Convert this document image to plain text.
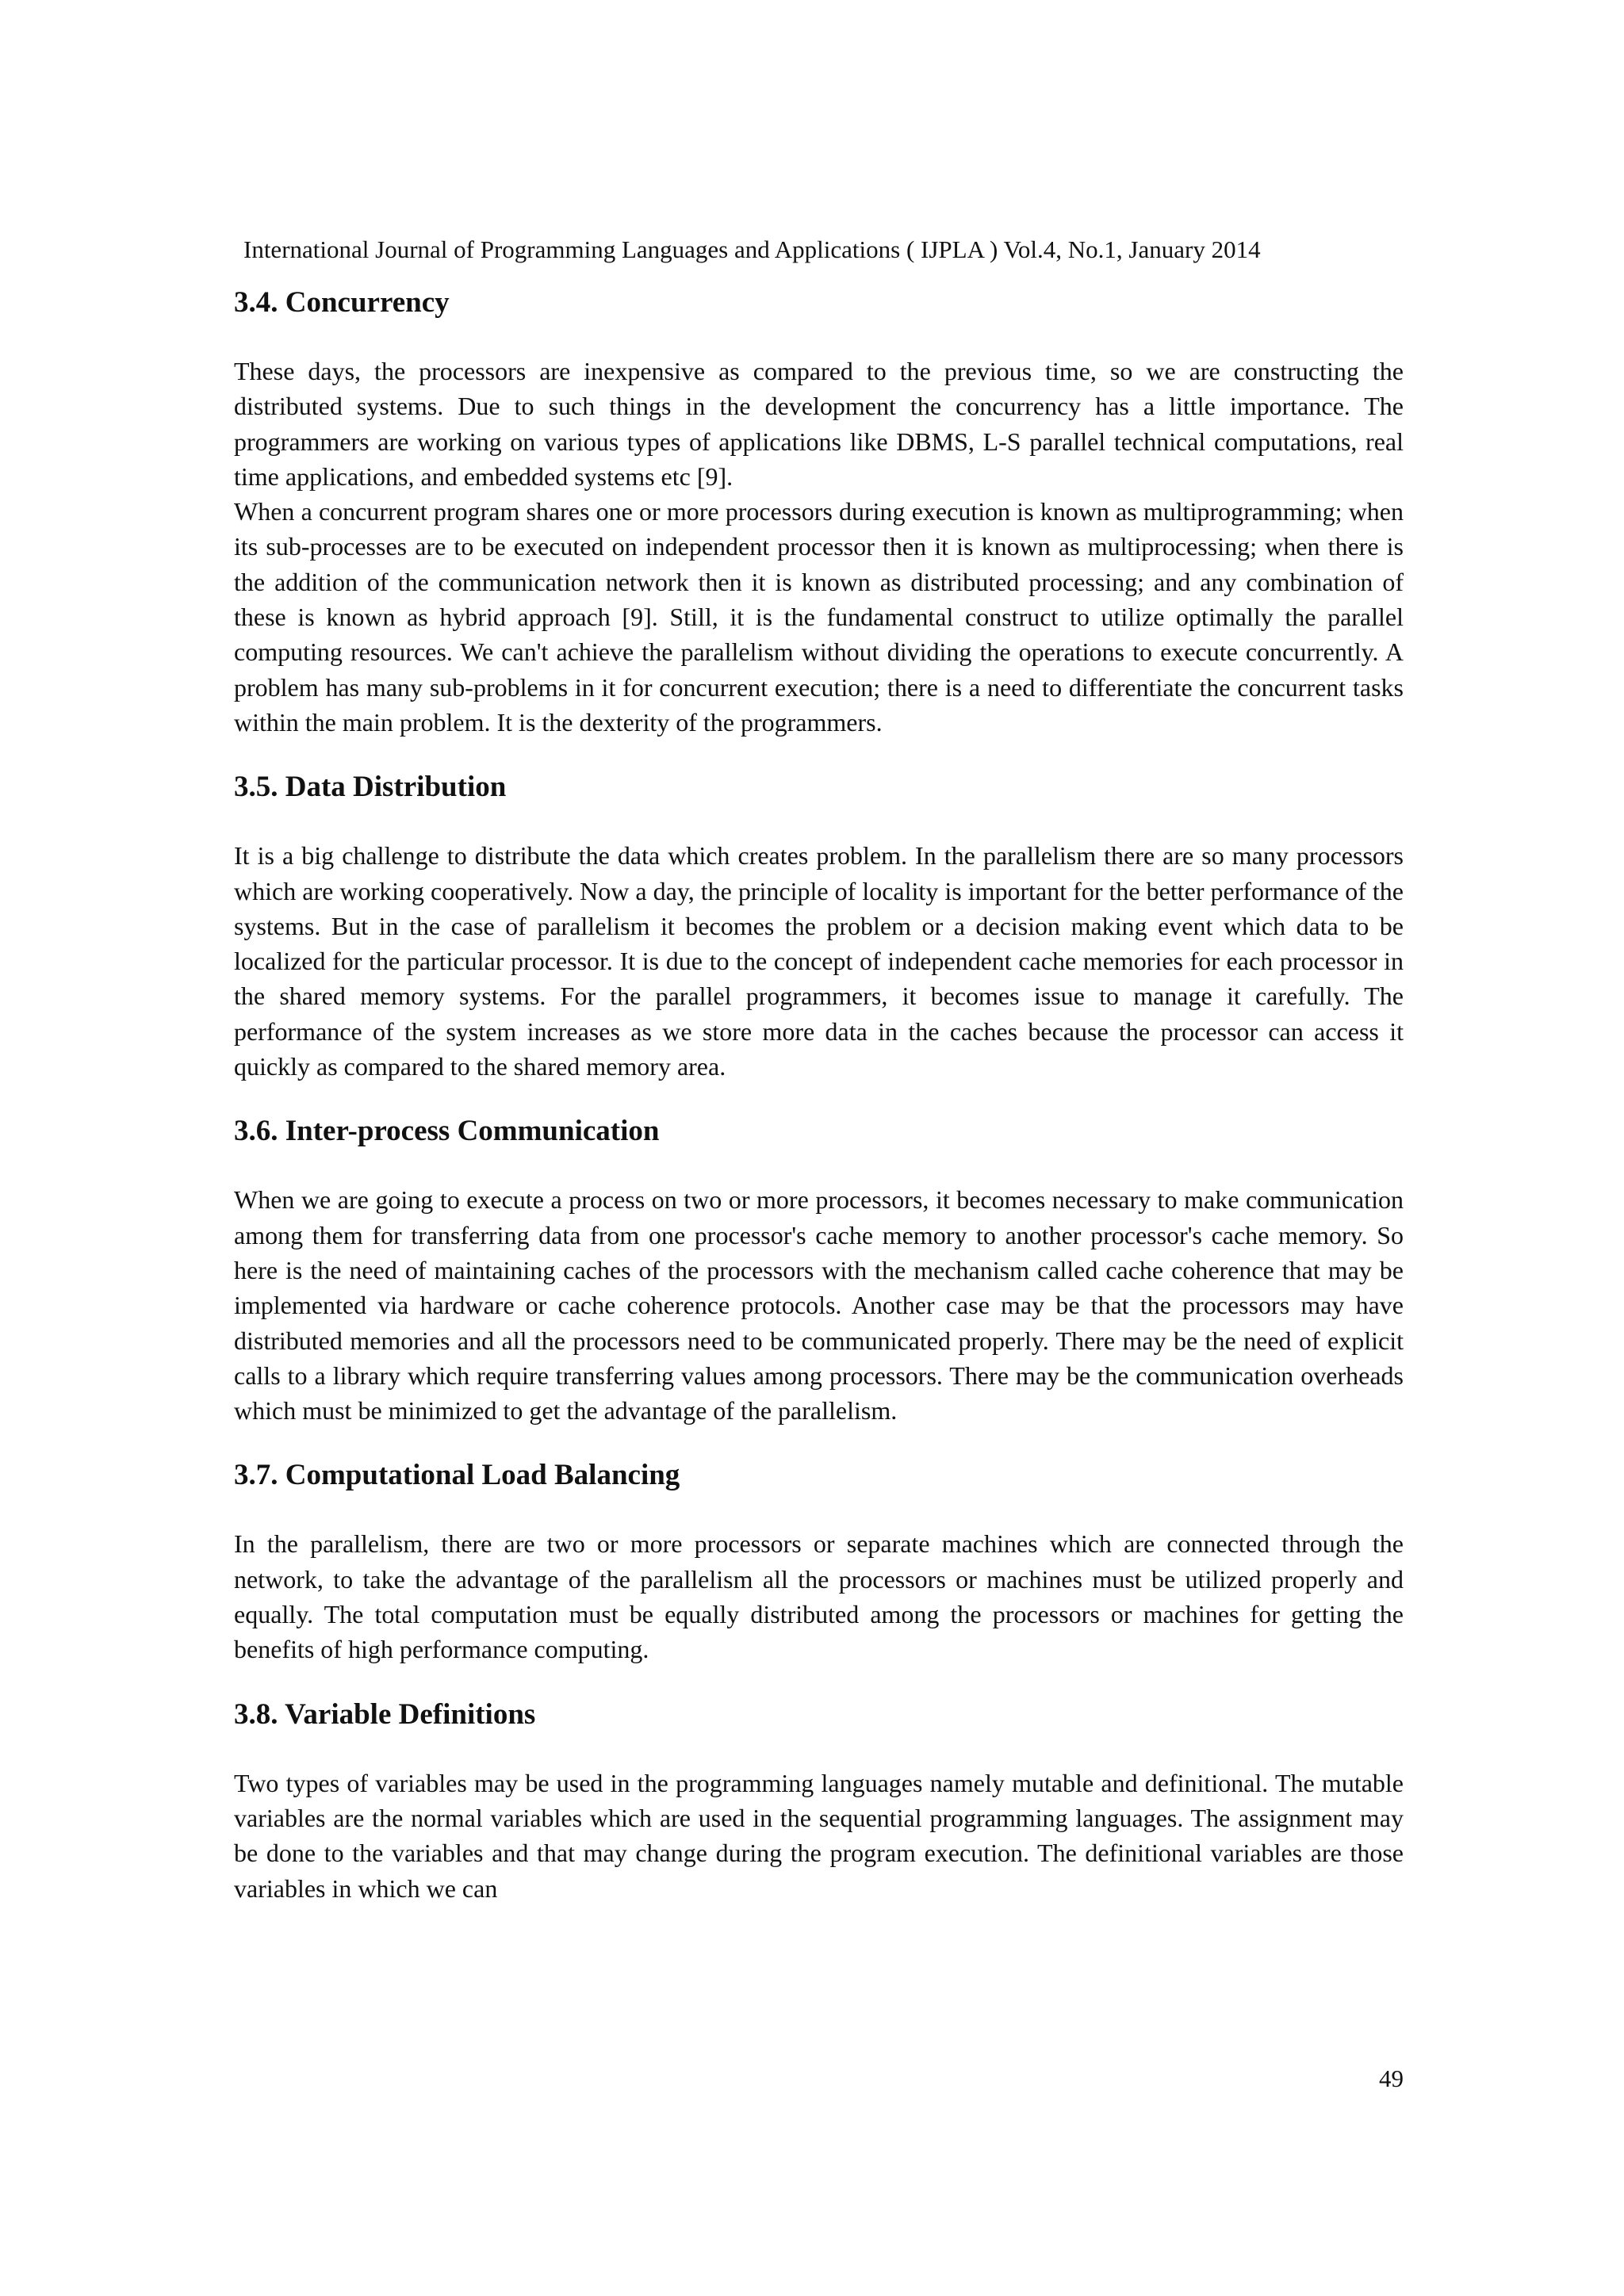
International Journal of Programming Languages and Applications ( IJPLA ) Vol.4, No.1, January 2014
3.4. Concurrency

These days, the processors are inexpensive as compared to the previous time, so we are constructing the distributed systems. Due to such things in the development the concurrency has a little importance. The programmers are working on various types of applications like DBMS, L-S parallel technical computations, real time applications, and embedded systems etc [9].

When a concurrent program shares one or more processors during execution is known as multiprogramming; when its sub-processes are to be executed on independent processor then it is known as multiprocessing; when there is the addition of the communication network then it is known as distributed processing; and any combination of these is known as hybrid approach [9]. Still, it is the fundamental construct to utilize optimally the parallel computing resources. We can't achieve the parallelism without dividing the operations to execute concurrently. A problem has many sub-problems in it for concurrent execution; there is a need to differentiate the concurrent tasks within the main problem. It is the dexterity of the programmers.

3.5. Data Distribution

It is a big challenge to distribute the data which creates problem. In the parallelism there are so many processors which are working cooperatively. Now a day, the principle of locality is important for the better performance of the systems. But in the case of parallelism it becomes the problem or a decision making event which data to be localized for the particular processor. It is due to the concept of independent cache memories for each processor in the shared memory systems. For the parallel programmers, it becomes issue to manage it carefully. The performance of the system increases as we store more data in the caches because the processor can access it quickly as compared to the shared memory area.

3.6. Inter-process Communication

When we are going to execute a process on two or more processors, it becomes necessary to make communication among them for transferring data from one processor's cache memory to another processor's cache memory. So here is the need of maintaining caches of the processors with the mechanism called cache coherence that may be implemented via hardware or cache coherence protocols. Another case may be that the processors may have distributed memories and all the processors need to be communicated properly. There may be the need of explicit calls to a library which require transferring values among processors. There may be the communication overheads which must be minimized to get the advantage of the parallelism.

3.7. Computational Load Balancing

In the parallelism, there are two or more processors or separate machines which are connected through the network, to take the advantage of the parallelism all the processors or machines must be utilized properly and equally. The total computation must be equally distributed among the processors or machines for getting the benefits of high performance computing.

3.8. Variable Definitions

Two types of variables may be used in the programming languages namely mutable and definitional. The mutable variables are the normal variables which are used in the sequential programming languages. The assignment may be done to the variables and that may change during the program execution. The definitional variables are those variables in which we can

49
